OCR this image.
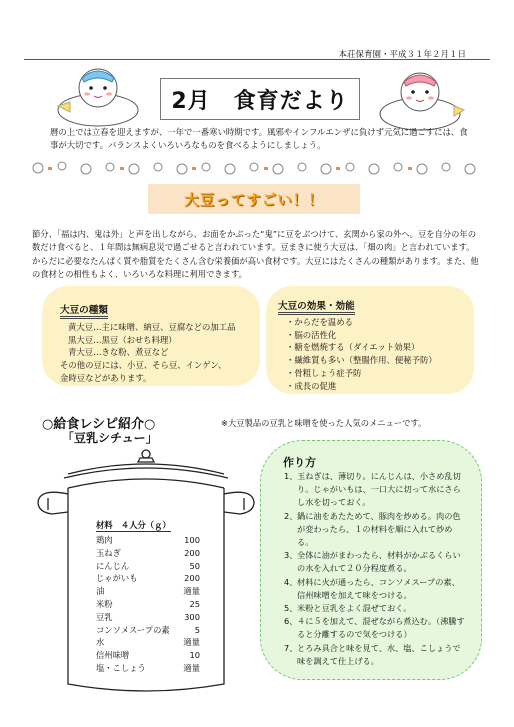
本荘保育園・平成３１年２月１日
2月　食育だより
暦の上では立春を迎えますが、一年で一番寒い時期です。風邪やインフルエンザに負けず元気に過ごすには、食事が大切です。バランスよくいろいろなものを食べるようにしましょう。
大豆ってすごい！！
節分、「福は内、鬼は外」と声を出しながら、お面をかぶった“鬼”に豆をぶつけて、玄関から家の外へ。豆を自分の年の数だけ食べると、１年間は無病息災で過ごせると言われています。豆まきに使う大豆は、「畑の肉」と言われています。からだに必要なたんぱく質や脂質をたくさん含む栄養価が高い食材です。大豆にはたくさんの種類があります。また、他の食材との相性もよく、いろいろな料理に利用できます。
大豆の種類
黄大豆…主に味噌、納豆、豆腐などの加工品
黒大豆…黒豆（おせち料理）
青大豆…きな粉、煮豆など
その他の豆には、小豆、そら豆、インゲン、
金時豆などがあります。
大豆の効果・効能
・からだを温める
・脳の活性化
・糖を燃焼する（ダイエット効果）
・繊維質も多い（整腸作用、便秘予防）
・骨粗しょう症予防
・成長の促進
○給食レシピ紹介○
「豆乳シチュー」
※大豆製品の豆乳と味噌を使った人気のメニューです。
材料　４人分（ｇ）
鶏肉	100
玉ねぎ	200
にんじん	50
じゃがいも	200
油	適量
米粉	25
豆乳	300
コンソメスープの素	5
水	適量
信州味噌	10
塩・こしょう	適量
作り方
1、 玉ねぎは、薄切り。にんじんは、小さめ乱切り。じゃがいもは、一口大に切って水にさらし水を切っておく。
2、 鍋に油をあたためて、豚肉を炒める。肉の色が変わったら、１の材料を順に入れて炒める。
3、 全体に油がまわったら、材料がかぶるくらいの水を入れて２０分程度煮る。
4、 材料に火が通ったら、コンソメスープの素、信州味噌を加えて味をつける。
5、 米粉と豆乳をよく混ぜておく。
6、 ４に５を加えて、混ぜながら煮込む。（沸騰すると分離するので気をつける）
7、 とろみ具合と味を見て、水、塩、こしょうで味を調えて仕上げる。
